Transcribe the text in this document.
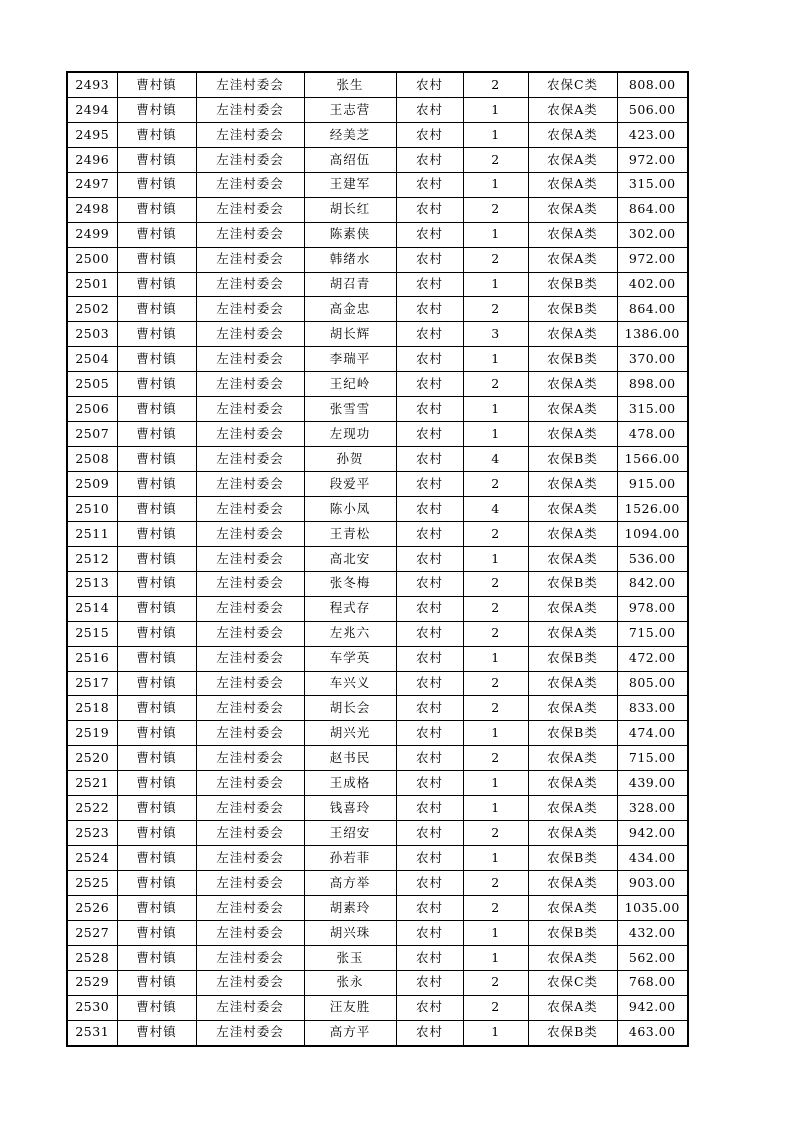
2493	曹村镇	左洼村委会	张生	农村	2	农保C类	808.00
2494	曹村镇	左洼村委会	王志营	农村	1	农保A类	506.00
2495	曹村镇	左洼村委会	经美芝	农村	1	农保A类	423.00
2496	曹村镇	左洼村委会	高绍伍	农村	2	农保A类	972.00
2497	曹村镇	左洼村委会	王建军	农村	1	农保A类	315.00
2498	曹村镇	左洼村委会	胡长红	农村	2	农保A类	864.00
2499	曹村镇	左洼村委会	陈素侠	农村	1	农保A类	302.00
2500	曹村镇	左洼村委会	韩绪水	农村	2	农保A类	972.00
2501	曹村镇	左洼村委会	胡召青	农村	1	农保B类	402.00
2502	曹村镇	左洼村委会	高金忠	农村	2	农保B类	864.00
2503	曹村镇	左洼村委会	胡长辉	农村	3	农保A类	1386.00
2504	曹村镇	左洼村委会	李瑞平	农村	1	农保B类	370.00
2505	曹村镇	左洼村委会	王纪岭	农村	2	农保A类	898.00
2506	曹村镇	左洼村委会	张雪雪	农村	1	农保A类	315.00
2507	曹村镇	左洼村委会	左现功	农村	1	农保A类	478.00
2508	曹村镇	左洼村委会	孙贺	农村	4	农保B类	1566.00
2509	曹村镇	左洼村委会	段爱平	农村	2	农保A类	915.00
2510	曹村镇	左洼村委会	陈小凤	农村	4	农保A类	1526.00
2511	曹村镇	左洼村委会	王青松	农村	2	农保A类	1094.00
2512	曹村镇	左洼村委会	高北安	农村	1	农保A类	536.00
2513	曹村镇	左洼村委会	张冬梅	农村	2	农保B类	842.00
2514	曹村镇	左洼村委会	程式存	农村	2	农保A类	978.00
2515	曹村镇	左洼村委会	左兆六	农村	2	农保A类	715.00
2516	曹村镇	左洼村委会	车学英	农村	1	农保B类	472.00
2517	曹村镇	左洼村委会	车兴义	农村	2	农保A类	805.00
2518	曹村镇	左洼村委会	胡长会	农村	2	农保A类	833.00
2519	曹村镇	左洼村委会	胡兴光	农村	1	农保B类	474.00
2520	曹村镇	左洼村委会	赵书民	农村	2	农保A类	715.00
2521	曹村镇	左洼村委会	王成格	农村	1	农保A类	439.00
2522	曹村镇	左洼村委会	钱喜玲	农村	1	农保A类	328.00
2523	曹村镇	左洼村委会	王绍安	农村	2	农保A类	942.00
2524	曹村镇	左洼村委会	孙若菲	农村	1	农保B类	434.00
2525	曹村镇	左洼村委会	高方举	农村	2	农保A类	903.00
2526	曹村镇	左洼村委会	胡素玲	农村	2	农保A类	1035.00
2527	曹村镇	左洼村委会	胡兴珠	农村	1	农保B类	432.00
2528	曹村镇	左洼村委会	张玉	农村	1	农保A类	562.00
2529	曹村镇	左洼村委会	张永	农村	2	农保C类	768.00
2530	曹村镇	左洼村委会	汪友胜	农村	2	农保A类	942.00
2531	曹村镇	左洼村委会	高方平	农村	1	农保B类	463.00
